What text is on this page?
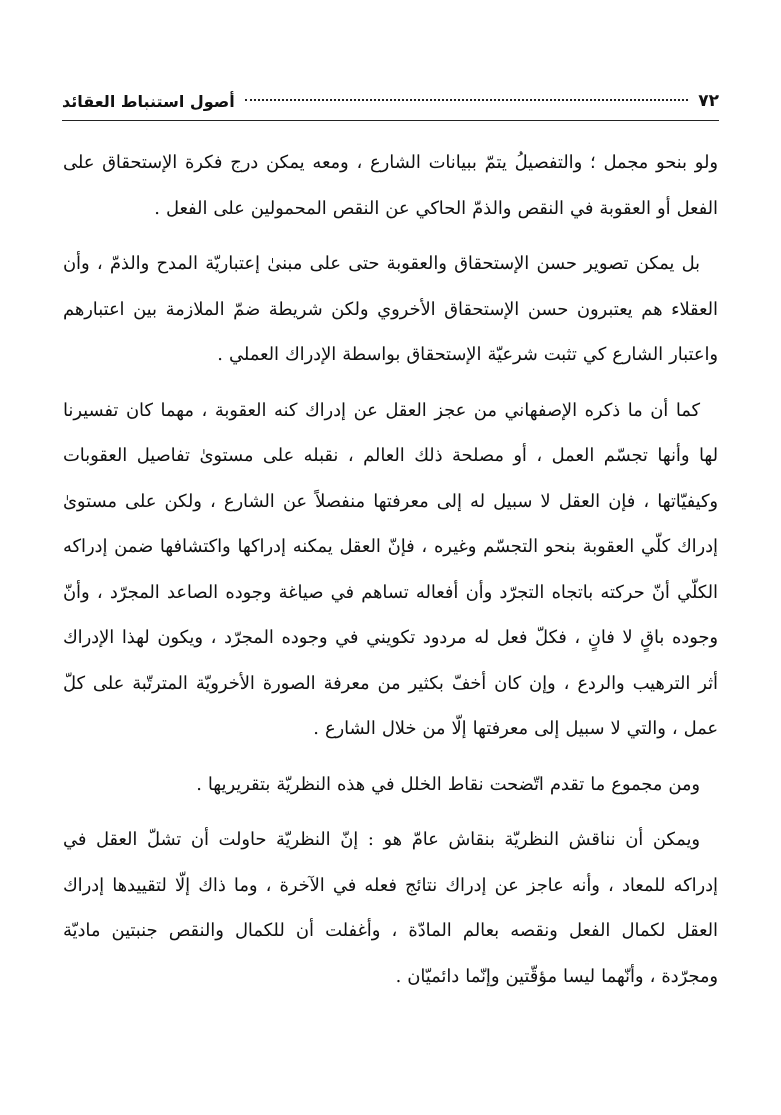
٧٢
أصول استنباط العقائد

ولو بنحو مجمل ؛ والتفصيلُ يتمّ ببيانات الشارع ، ومعه يمكن درج فكرة الإستحقاق على الفعل أو العقوبة في النقص والذمّ الحاكي عن النقص المحمولين على الفعل .

بل يمكن تصوير حسن الإستحقاق والعقوبة حتى على مبنىٰ إعتباريّة المدح والذمّ ، وأن العقلاء هم يعتبرون حسن الإستحقاق الأخروي ولكن شريطة ضمّ الملازمة بين اعتبارهم واعتبار الشارع كي تثبت شرعيّة الإستحقاق بواسطة الإدراك العملي .

كما أن ما ذكره الإصفهاني من عجز العقل عن إدراك كنه العقوبة ، مهما كان تفسيرنا لها وأنها تجسّم العمل ، أو مصلحة ذلك العالم ، نقبله على مستوىٰ تفاصيل العقوبات وكيفيّاتها ، فإن العقل لا سبيل له إلى معرفتها منفصلاً عن الشارع ، ولكن على مستوىٰ إدراك كلّي العقوبة بنحو التجسّم وغيره ، فإنّ العقل يمكنه إدراكها واكتشافها ضمن إدراكه الكلّي أنّ حركته باتجاه التجرّد وأن أفعاله تساهم في صياغة وجوده الصاعد المجرّد ، وأنّ وجوده باقٍ لا فانٍ ، فكلّ فعل له مردود تكويني في وجوده المجرّد ، ويكون لهذا الإدراك أثر الترهيب والردع ، وإن كان أخفّ بكثير من معرفة الصورة الأخرويّة المترتّبة على كلّ عمل ، والتي لا سبيل إلى معرفتها إلّا من خلال الشارع .

ومن مجموع ما تقدم اتّضحت نقاط الخلل في هذه النظريّة بتقريريها .

ويمكن أن نناقش النظريّة بنقاش عامّ هو : إنّ النظريّة حاولت أن تشلّ العقل في إدراكه للمعاد ، وأنه عاجز عن إدراك نتائج فعله في الآخرة ، وما ذاك إلّا لتقييدها إدراك العقل لكمال الفعل ونقصه بعالم المادّة ، وأغفلت أن للكمال والنقص جنبتين ماديّة ومجرّدة ، وأنّهما ليسا مؤقّتين وإنّما دائميّان .
